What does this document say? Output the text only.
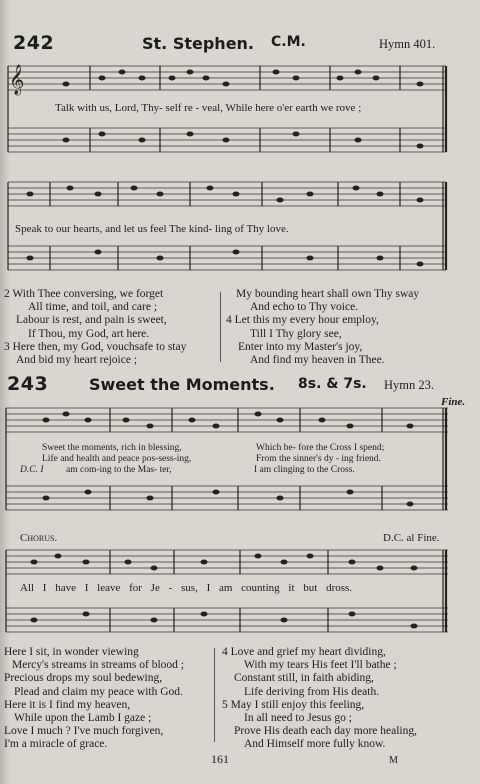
242	St. Stephen. C.M.	Hymn 401.
𝄞
Talk with us, Lord, Thy- self re - veal, While here o'er earth we rove ;
Speak to our hearts, and let us feel The kind- ling of Thy love.
2 With Thee conversing, we forget
All time, and toil, and care ;
Labour is rest, and pain is sweet,
If Thou, my God, art here.
3 Here then, my God, vouchsafe to stay
And bid my heart rejoice ;
My bounding heart shall own Thy sway
And echo to Thy voice.
4 Let this my every hour employ,
Till I Thy glory see,
Enter into my Master's joy,
And find my heaven in Thee.
243	Sweet the Moments. 8s. & 7s. Hymn 23.
Fine.
Sweet the moments, rich in blessing,	Which be- fore the Cross I spend;
Life and health and peace pos-sess-ing,	From the sinner's dy - ing friend.
D.C. I am com-ing to the Mas- ter,	I am clinging to the Cross.
Chorus.	D.C. al Fine.
All I have I leave for Je - sus, I am counting it but dross.
Here I sit, in wonder viewing
Mercy's streams in streams of blood ;
Precious drops my soul bedewing,
Plead and claim my peace with God.
Here it is I find my heaven,
While upon the Lamb I gaze ;
Love I much ? I've much forgiven,
I'm a miracle of grace.
4 Love and grief my heart dividing,
With my tears His feet I'll bathe ;
Constant still, in faith abiding,
Life deriving from His death.
5 May I still enjoy this feeling,
In all need to Jesus go ;
Prove His death each day more healing,
And Himself more fully know.
161	M
